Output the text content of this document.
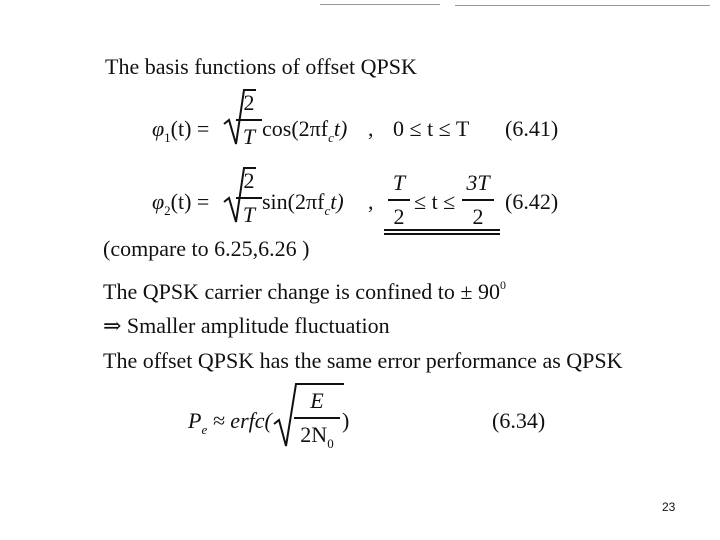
The basis functions of offset QPSK
$\varphi_1(t)$ =
2
T $\cos(2\pi f_ct)$ , 0 ≤ t ≤ T (6.41)
$\varphi_2(t)$ =
2
T $\sin(2\pi f_ct)$ ,
T
2
≤ t ≤
3T
2
(6.42)
(compare to 6.25,6.26 )
The QPSK carrier change is confined to ± $90^0$
⇒ Smaller amplitude fluctuation
The offset QPSK has the same error performance as QPSK
$P_e$ ≈ erfc(
E
$2N_0$
)	(6.34)
23
